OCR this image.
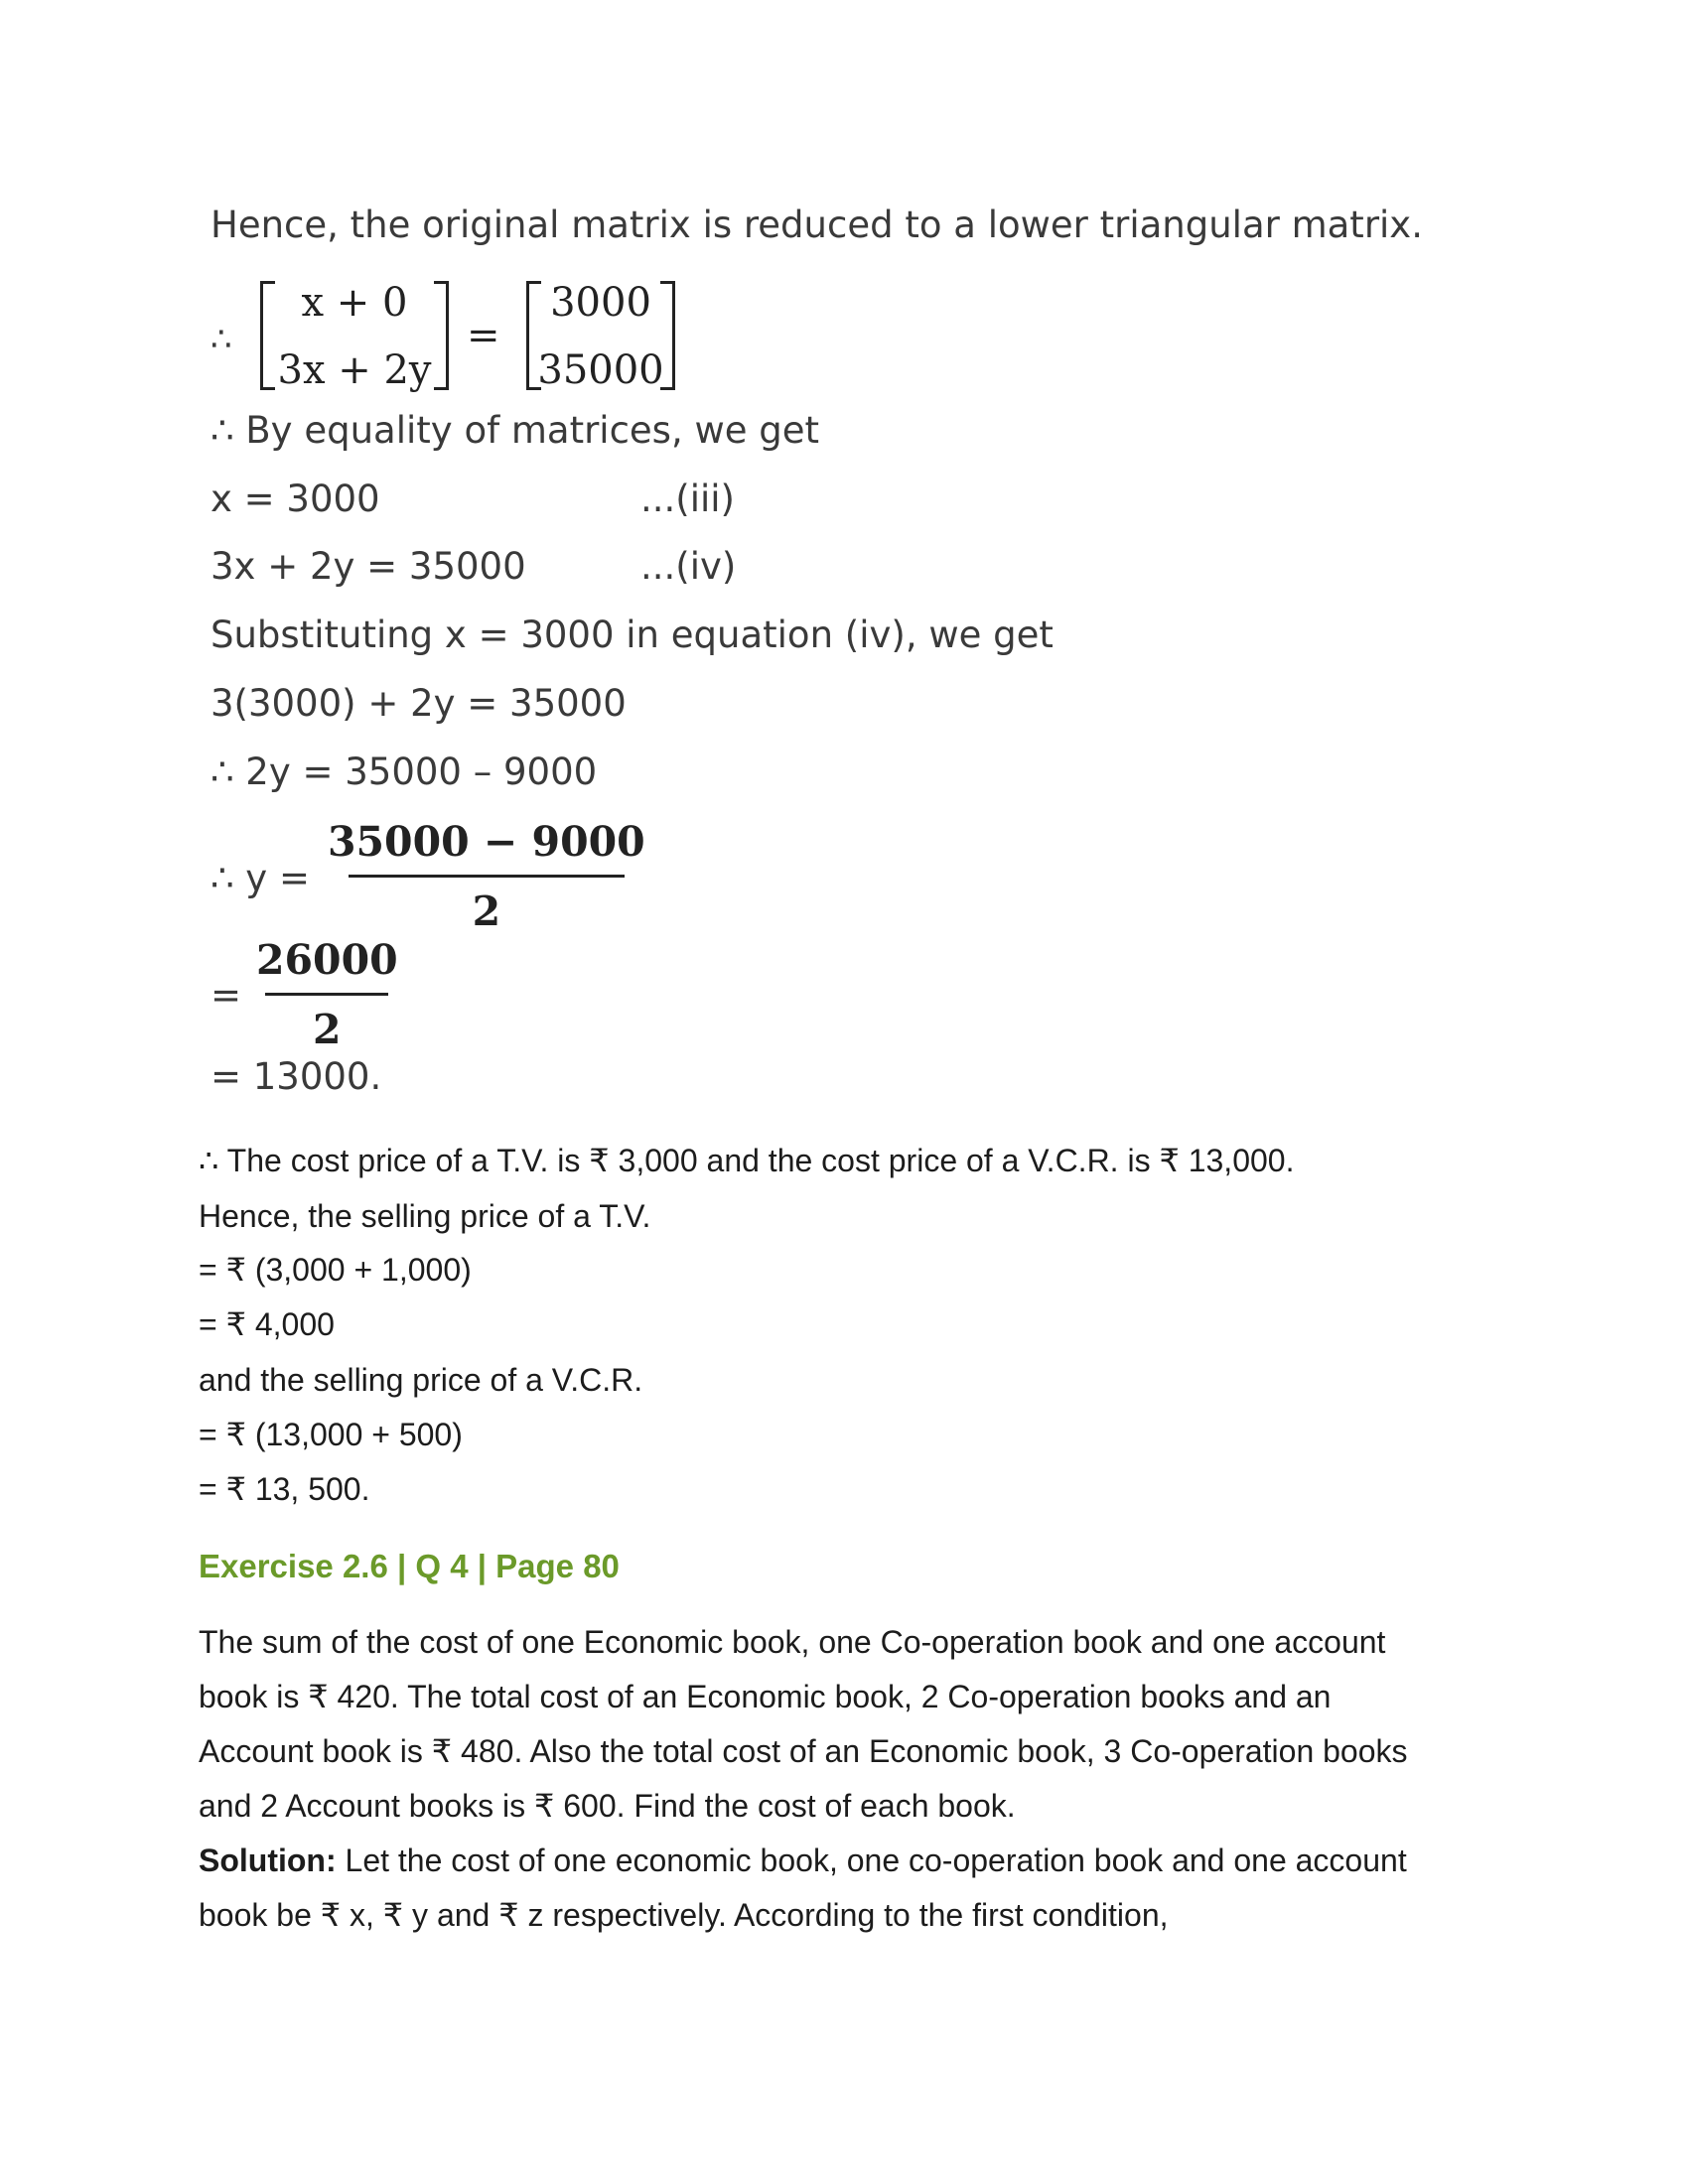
Hence, the original matrix is reduced to a lower triangular matrix.
∴
x + 0
3x + 2y
=
3000
35000
∴ By equality of matrices, we get
x = 3000	...(iii)
3x + 2y = 35000	...(iv)
Substituting x = 3000 in equation (iv), we get
3(3000) + 2y = 35000
∴ 2y = 35000 – 9000
∴ y =
35000 − 9000
2
=
26000
2
= 13000.
∴ The cost price of a T.V. is ₹ 3,000 and the cost price of a V.C.R. is ₹ 13,000.
Hence, the selling price of a T.V.
= ₹ (3,000 + 1,000)
= ₹ 4,000
and the selling price of a V.C.R.
= ₹ (13,000 + 500)
= ₹ 13, 500.
Exercise 2.6 | Q 4 | Page 80
The sum of the cost of one Economic book, one Co-operation book and one account
book is ₹ 420. The total cost of an Economic book, 2 Co-operation books and an
Account book is ₹ 480. Also the total cost of an Economic book, 3 Co-operation books
and 2 Account books is ₹ 600. Find the cost of each book.
Solution: Let the cost of one economic book, one co-operation book and one account
book be ₹ x, ₹ y and ₹ z respectively. According to the first condition,
